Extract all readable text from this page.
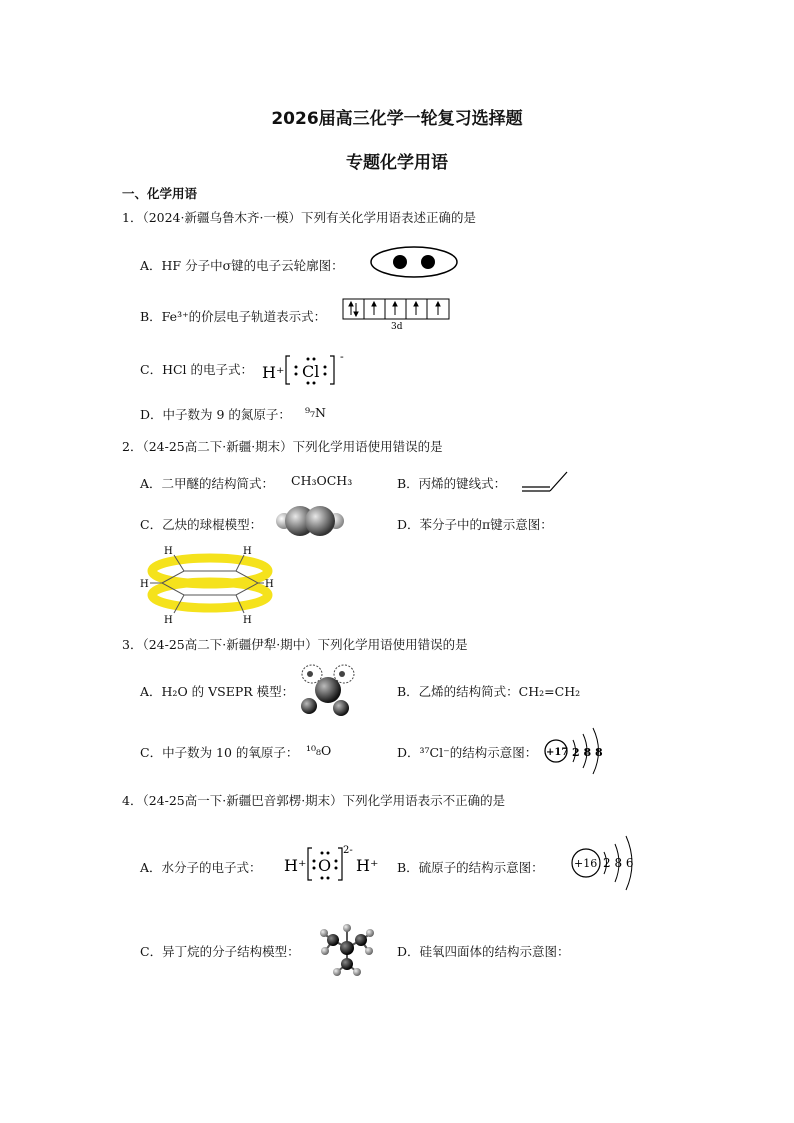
2026届高三化学一轮复习选择题
专题化学用语
一、化学用语
1．（2024·新疆乌鲁木齐·一模）下列有关化学用语表述正确的是
A．HF 分子中σ键的电子云轮廓图：
B．Fe³⁺的价层电子轨道表示式：
3d
C．HCl 的电子式： H⁺ Cl
-
D．中子数为 9 的氮原子： ⁹₇N
2．（24-25高二下·新疆·期末）下列化学用语使用错误的是
A．二甲醚的结构简式： CH₃OCH₃	B．丙烯的键线式：
C．乙炔的球棍模型：	D．苯分子中的π键示意图：
H	H
H	H
H	H
3．（24-25高二下·新疆伊犁·期中）下列化学用语使用错误的是
A．H₂O 的 VSEPR 模型：	B．乙烯的结构简式：CH₂=CH₂
C．中子数为 10 的氧原子： ¹⁰₈O	D．³⁷Cl⁻的结构示意图： +17 2 8 8
4．（24-25高一下·新疆巴音郭楞·期末）下列化学用语表示不正确的是
A．水分子的电子式： H⁺ O
2-
H⁺ B．硫原子的结构示意图：	+16 2 8 6
C．异丁烷的分子结构模型：	D．硅氧四面体的结构示意图：
